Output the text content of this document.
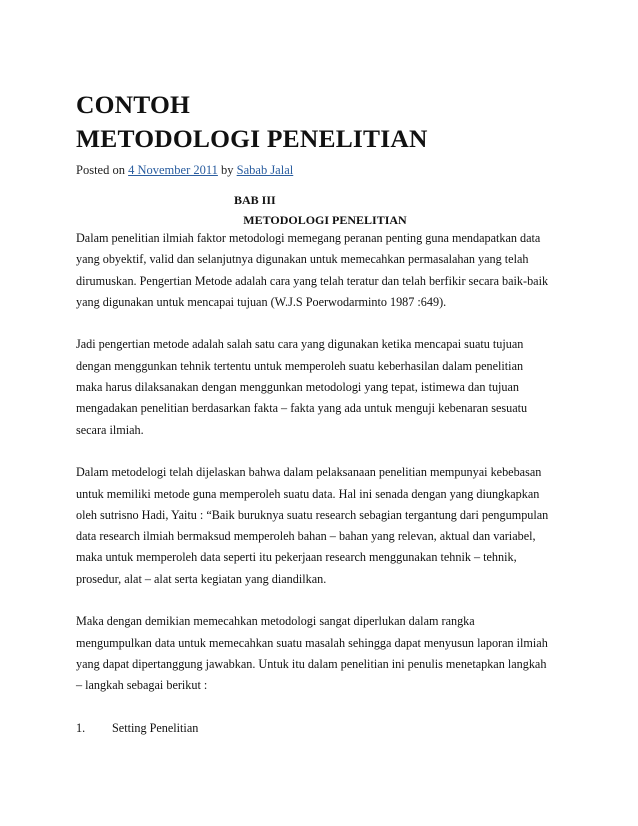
CONTOH
METODOLOGI PENELITIAN
Posted on 4 November 2011 by Sabab Jalal

BAB III

METODOLOGI PENELITIAN

Dalam penelitian ilmiah faktor metodologi memegang peranan penting guna mendapatkan data
yang obyektif, valid dan selanjutnya digunakan untuk memecahkan permasalahan yang telah
dirumuskan. Pengertian Metode adalah cara yang telah teratur dan telah berfikir secara baik-baik
yang digunakan untuk mencapai tujuan (W.J.S Poerwodarminto 1987 :649).
Jadi pengertian metode adalah salah satu cara yang digunakan ketika mencapai suatu tujuan
dengan menggunkan tehnik tertentu untuk memperoleh suatu keberhasilan dalam penelitian
maka harus dilaksanakan dengan menggunkan metodologi yang tepat, istimewa dan tujuan
mengadakan penelitian berdasarkan fakta – fakta yang ada untuk menguji kebenaran sesuatu
secara ilmiah.
Dalam metodelogi telah dijelaskan bahwa dalam pelaksanaan penelitian mempunyai kebebasan
untuk memiliki metode guna memperoleh suatu data. Hal ini senada dengan yang diungkapkan
oleh sutrisno Hadi, Yaitu : “Baik buruknya suatu research sebagian tergantung dari pengumpulan
data research ilmiah bermaksud memperoleh bahan – bahan yang relevan, aktual dan variabel,
maka untuk memperoleh data seperti itu pekerjaan research menggunakan tehnik – tehnik,
prosedur, alat – alat serta kegiatan yang diandilkan.
Maka dengan demikian memecahkan metodologi sangat diperlukan dalam rangka
mengumpulkan data untuk memecahkan suatu masalah sehingga dapat menyusun laporan ilmiah
yang dapat dipertanggung jawabkan. Untuk itu dalam penelitian ini penulis menetapkan langkah
– langkah sebagai berikut :
1. Setting Penelitian
